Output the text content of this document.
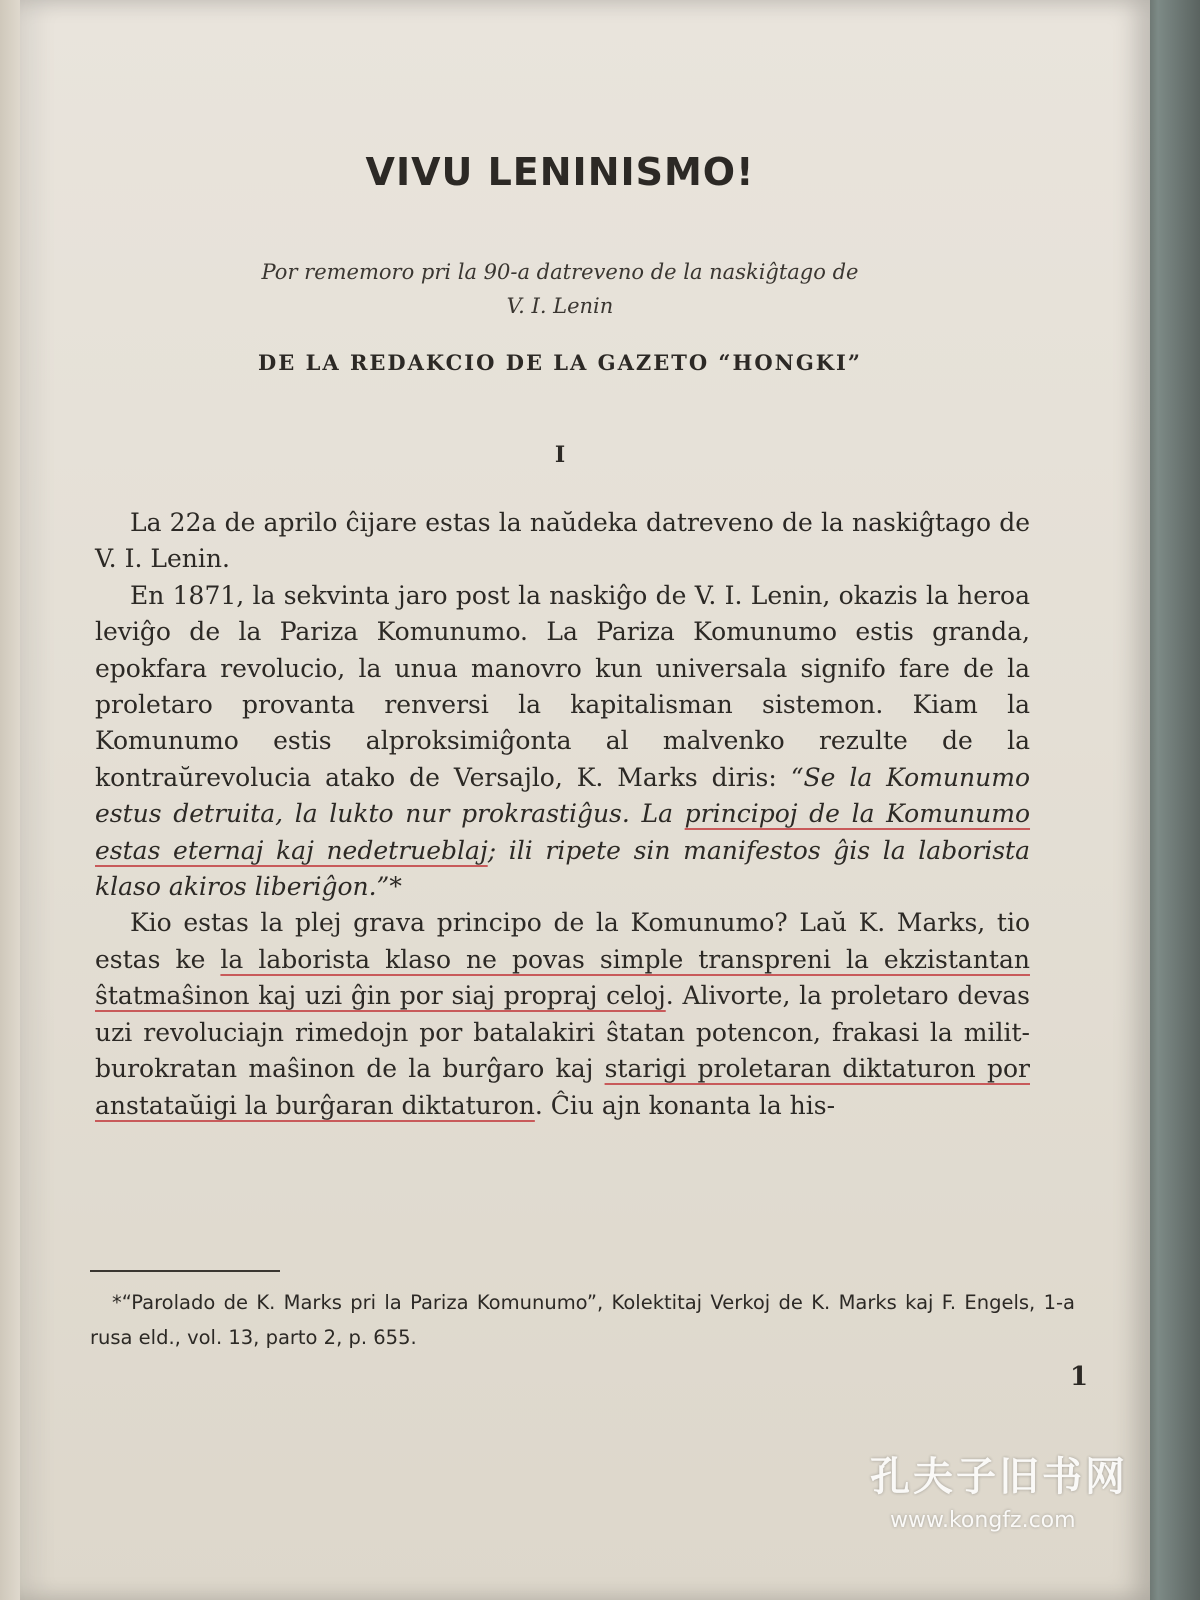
VIVU LENINISMO!
Por rememoro pri la 90-a datreveno de la naskiĝtago de
V. I. Lenin
DE LA REDAKCIO DE LA GAZETO “HONGKI”
I

La 22a de aprilo ĉijare estas la naŭdeka datreveno de la naskiĝtago de V. I. Lenin.

En 1871, la sekvinta jaro post la naskiĝo de V. I. Lenin, okazis la heroa leviĝo de la Pariza Komunumo. La Pariza Komunumo estis granda, epokfara revolucio, la unua manovro kun universala signifo fare de la proletaro provanta renversi la kapitalisman sistemon. Kiam la Komunumo estis alproksimiĝonta al malvenko rezulte de la kontraŭrevolucia atako de Versajlo, K. Marks diris: “Se la Komunumo estus detruita, la lukto nur prokrastiĝus. La principoj de la Komunumo estas eternaj kaj nedetrueblaj; ili ripete sin manifestos ĝis la laborista klaso akiros liberiĝon.”*

Kio estas la plej grava principo de la Komunumo? Laŭ K. Marks, tio estas ke la laborista klaso ne povas simple transpreni la ekzistantan ŝtatmaŝinon kaj uzi ĝin por siaj propraj celoj. Alivorte, la proletaro devas uzi revoluciajn rimedojn por batalakiri ŝtatan potencon, frakasi la milit-burokratan maŝinon de la burĝaro kaj starigi proletaran diktaturon por anstataŭigi la burĝaran diktaturon. Ĉiu ajn konanta la his-

*“Parolado de K. Marks pri la Pariza Komunumo”, Kolektitaj Verkoj de K. Marks kaj F. Engels, 1-a rusa eld., vol. 13, parto 2, p. 655.

1
孔夫子旧书网
www.kongfz.com
